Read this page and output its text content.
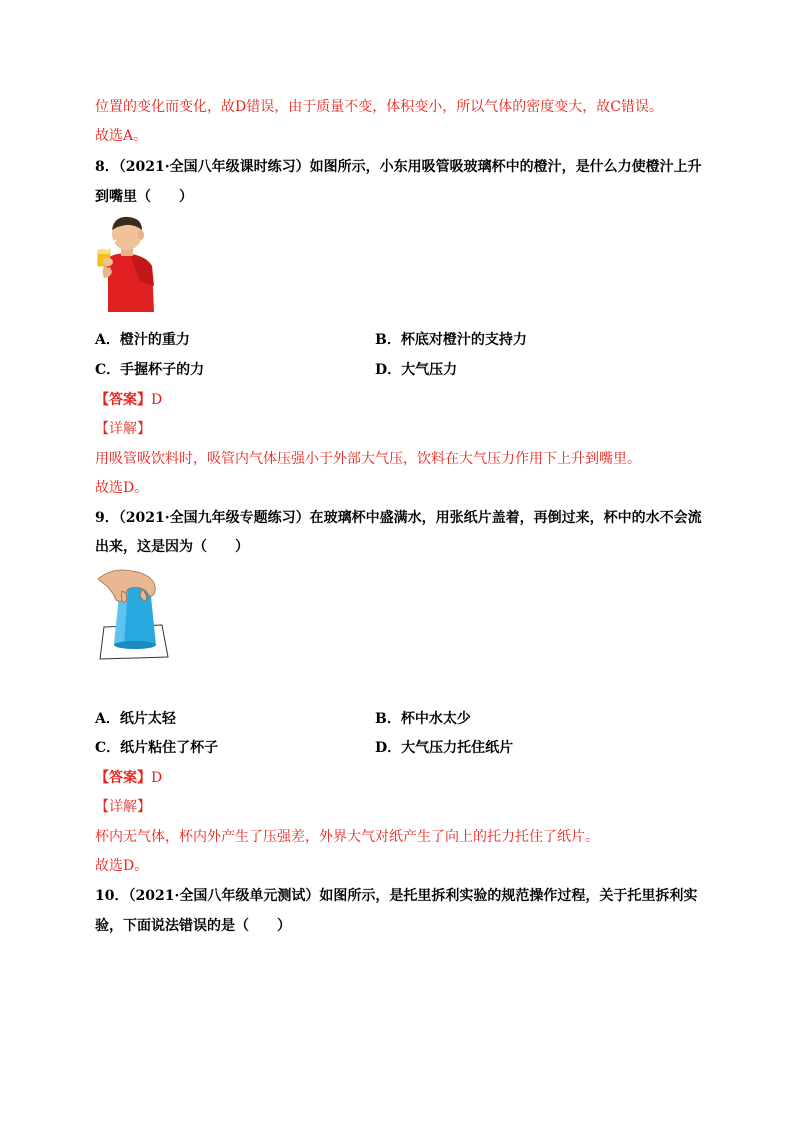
位置的变化而变化，故D错误，由于质量不变，体积变小，所以气体的密度变大，故C错误。
故选A。
8．（2021·全国八年级课时练习）如图所示，小东用吸管吸玻璃杯中的橙汁，是什么力使橙汁上升
到嘴里（　　）
A．橙汁的重力	B．杯底对橙汁的支持力
C．手握杯子的力	D．大气压力
【答案】D
【详解】
用吸管吸饮料时，吸管内气体压强小于外部大气压，饮料在大气压力作用下上升到嘴里。
故选D。
9．（2021·全国九年级专题练习）在玻璃杯中盛满水，用张纸片盖着，再倒过来，杯中的水不会流
出来，这是因为（　　）
A．纸片太轻	B．杯中水太少
C．纸片粘住了杯子	D．大气压力托住纸片
【答案】D
【详解】
杯内无气体，杯内外产生了压强差，外界大气对纸产生了向上的托力托住了纸片。
故选D。
10．（2021·全国八年级单元测试）如图所示，是托里拆利实验的规范操作过程，关于托里拆利实
验，下面说法错误的是（　　）
